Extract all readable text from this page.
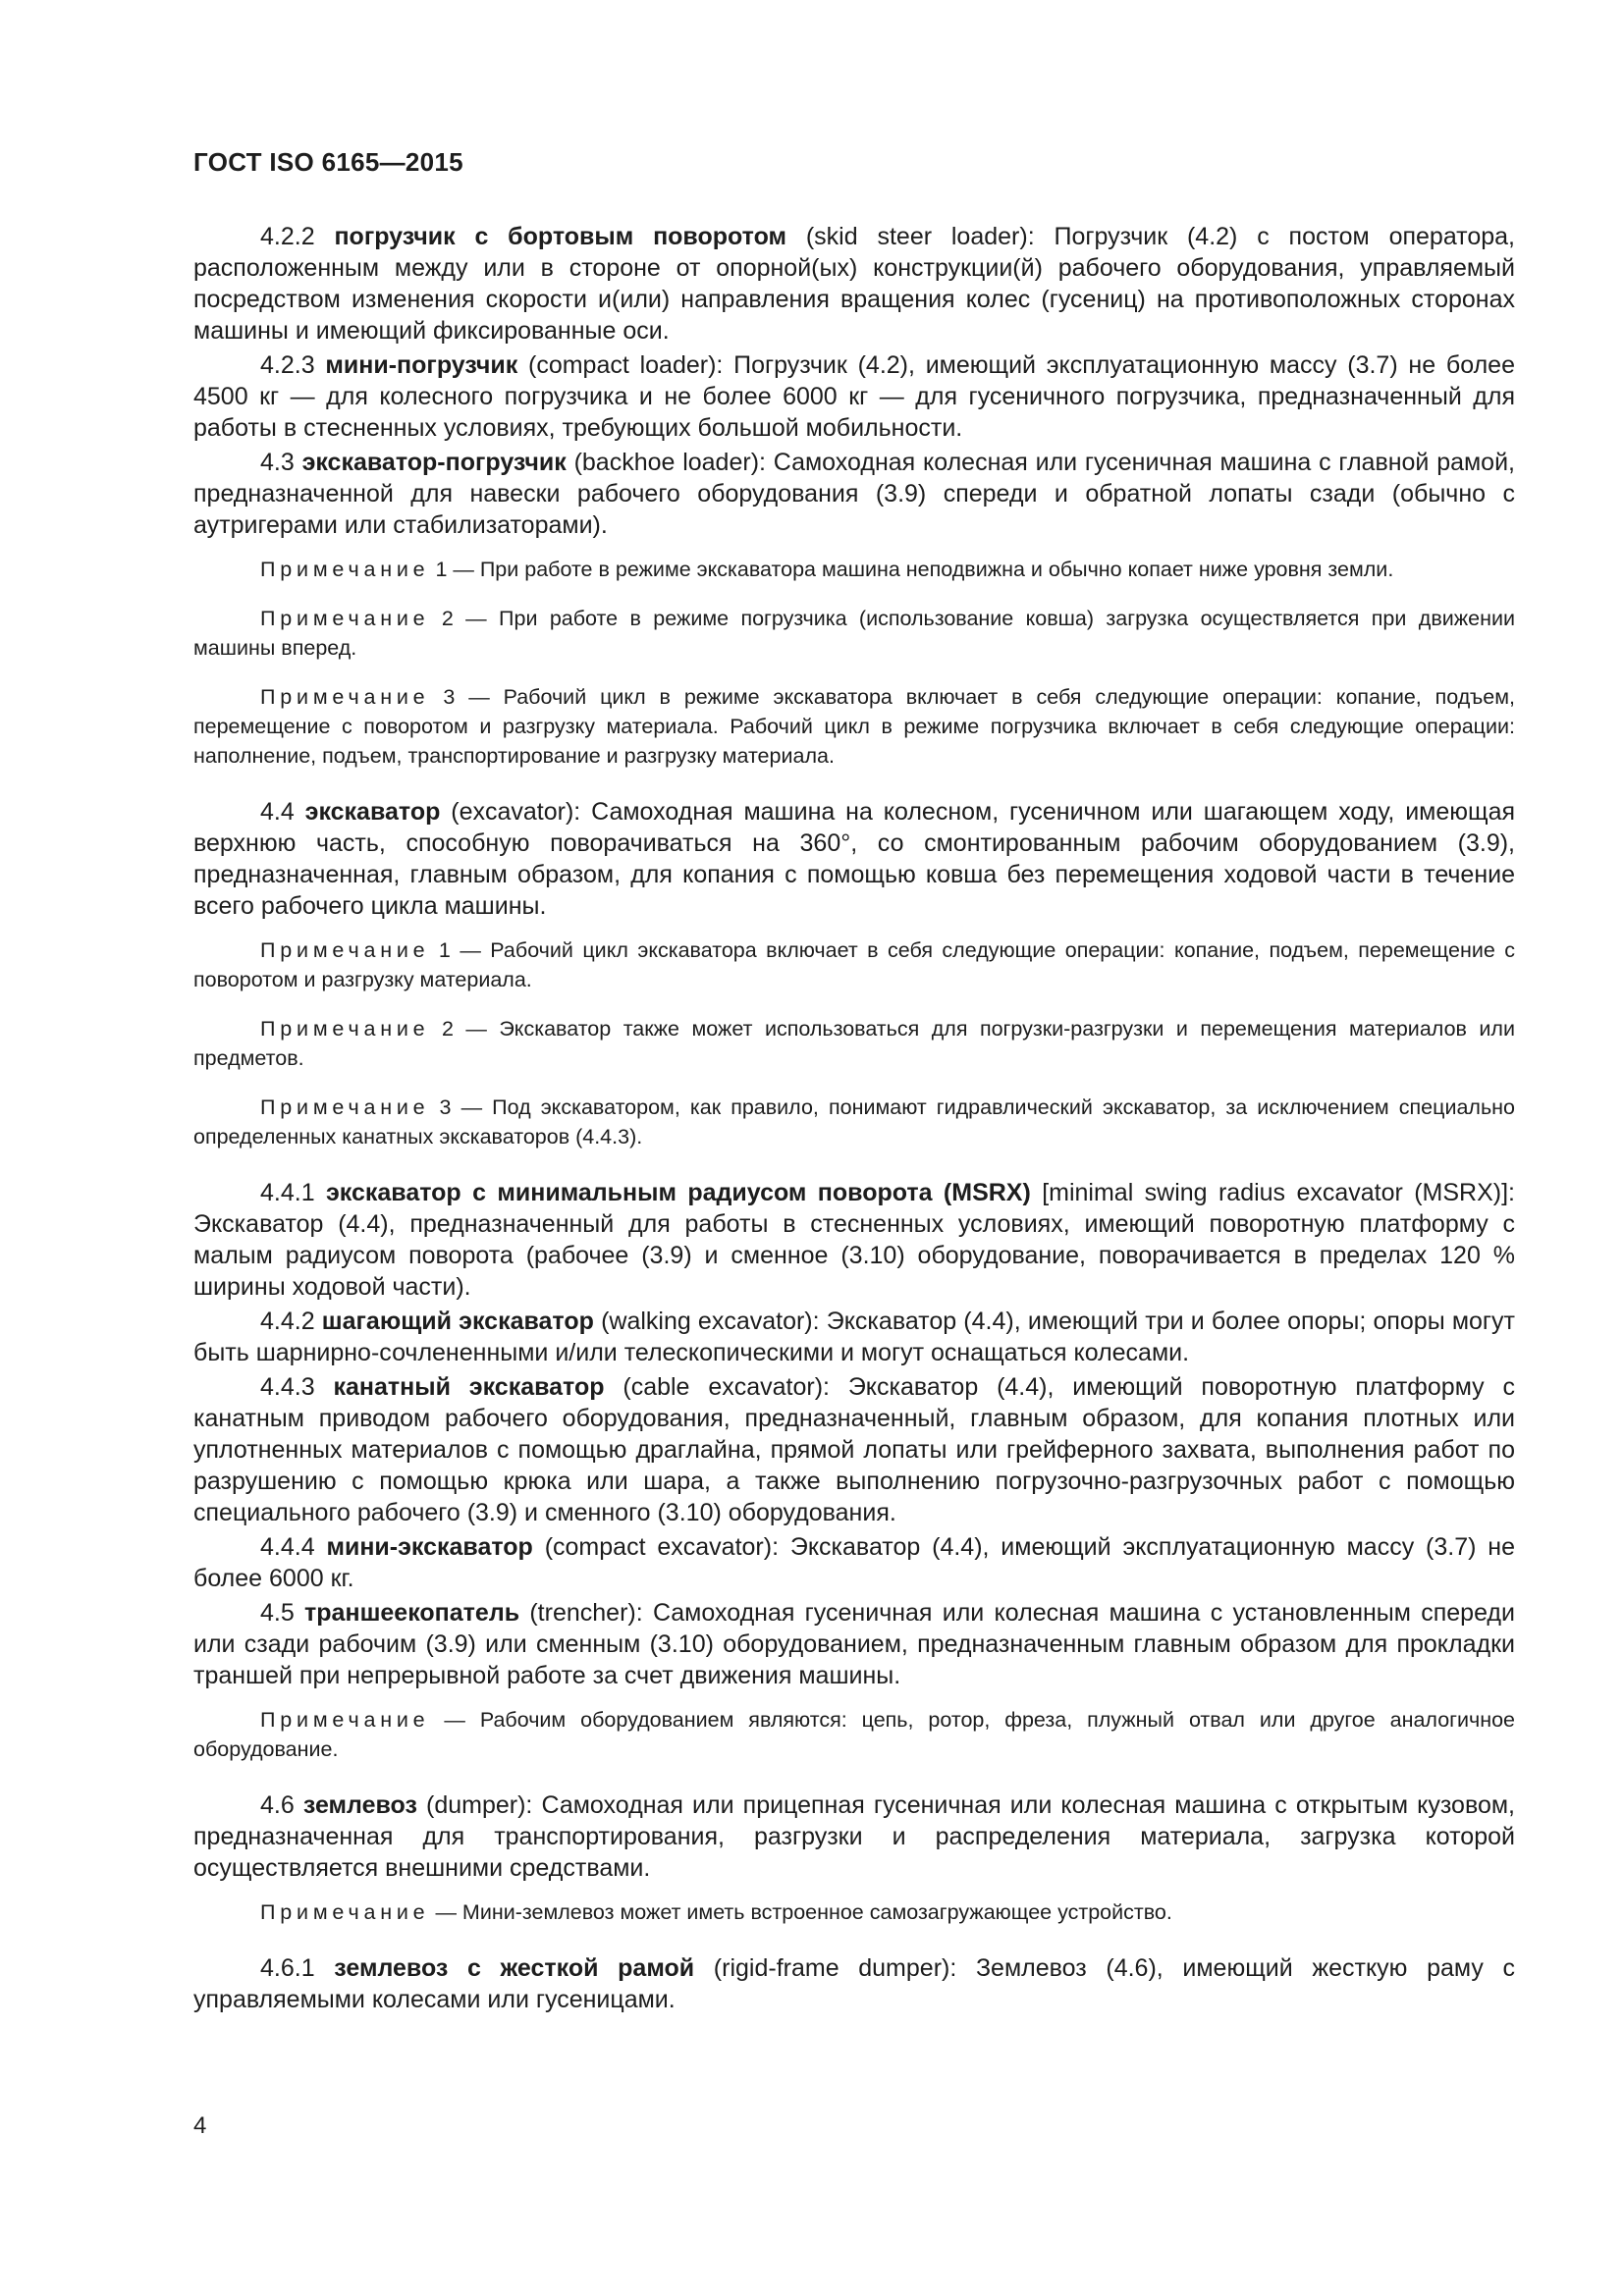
ГОСТ ISO 6165—2015

4.2.2 погрузчик с бортовым поворотом (skid steer loader): Погрузчик (4.2) с постом оператора, расположенным между или в стороне от опорной(ых) конструкции(й) рабочего оборудования, управляемый посредством изменения скорости и(или) направления вращения колес (гусениц) на противоположных сторонах машины и имеющий фиксированные оси.

4.2.3 мини-погрузчик (compact loader): Погрузчик (4.2), имеющий эксплуатационную массу (3.7) не более 4500 кг — для колесного погрузчика и не более 6000 кг — для гусеничного погрузчика, предназначенный для работы в стесненных условиях, требующих большой мобильности.

4.3 экскаватор-погрузчик (backhoe loader): Самоходная колесная или гусеничная машина с главной рамой, предназначенной для навески рабочего оборудования (3.9) спереди и обратной лопаты сзади (обычно с аутригерами или стабилизаторами).

Примечание 1 — При работе в режиме экскаватора машина неподвижна и обычно копает ниже уровня земли.

Примечание 2 — При работе в режиме погрузчика (использование ковша) загрузка осуществляется при движении машины вперед.

Примечание 3 — Рабочий цикл в режиме экскаватора включает в себя следующие операции: копание, подъем, перемещение с поворотом и разгрузку материала. Рабочий цикл в режиме погрузчика включает в себя следующие операции: наполнение, подъем, транспортирование и разгрузку материала.

4.4 экскаватор (excavator): Самоходная машина на колесном, гусеничном или шагающем ходу, имеющая верхнюю часть, способную поворачиваться на 360°, со смонтированным рабочим оборудованием (3.9), предназначенная, главным образом, для копания с помощью ковша без перемещения ходовой части в течение всего рабочего цикла машины.

Примечание 1 — Рабочий цикл экскаватора включает в себя следующие операции: копание, подъем, перемещение с поворотом и разгрузку материала.

Примечание 2 — Экскаватор также может использоваться для погрузки-разгрузки и перемещения материалов или предметов.

Примечание 3 — Под экскаватором, как правило, понимают гидравлический экскаватор, за исключением специально определенных канатных экскаваторов (4.4.3).

4.4.1 экскаватор с минимальным радиусом поворота (MSRX) [minimal swing radius excavator (MSRX)]: Экскаватор (4.4), предназначенный для работы в стесненных условиях, имеющий поворотную платформу с малым радиусом поворота (рабочее (3.9) и сменное (3.10) оборудование, поворачивается в пределах 120 % ширины ходовой части).

4.4.2 шагающий экскаватор (walking excavator): Экскаватор (4.4), имеющий три и более опоры; опоры могут быть шарнирно-сочлененными и/или телескопическими и могут оснащаться колесами.

4.4.3 канатный экскаватор (cable excavator): Экскаватор (4.4), имеющий поворотную платформу с канатным приводом рабочего оборудования, предназначенный, главным образом, для копания плотных или уплотненных материалов с помощью драглайна, прямой лопаты или грейферного захвата, выполнения работ по разрушению с помощью крюка или шара, а также выполнению погрузочно-разгрузочных работ с помощью специального рабочего (3.9) и сменного (3.10) оборудования.

4.4.4 мини-экскаватор (compact excavator): Экскаватор (4.4), имеющий эксплуатационную массу (3.7) не более 6000 кг.

4.5 траншеекопатель (trencher): Самоходная гусеничная или колесная машина с установленным спереди или сзади рабочим (3.9) или сменным (3.10) оборудованием, предназначенным главным образом для прокладки траншей при непрерывной работе за счет движения машины.

Примечание — Рабочим оборудованием являются: цепь, ротор, фреза, плужный отвал или другое аналогичное оборудование.

4.6 землевоз (dumper): Самоходная или прицепная гусеничная или колесная машина с открытым кузовом, предназначенная для транспортирования, разгрузки и распределения материала, загрузка которой осуществляется внешними средствами.

Примечание — Мини-землевоз может иметь встроенное самозагружающее устройство.

4.6.1 землевоз с жесткой рамой (rigid-frame dumper): Землевоз (4.6), имеющий жесткую раму с управляемыми колесами или гусеницами.

4
